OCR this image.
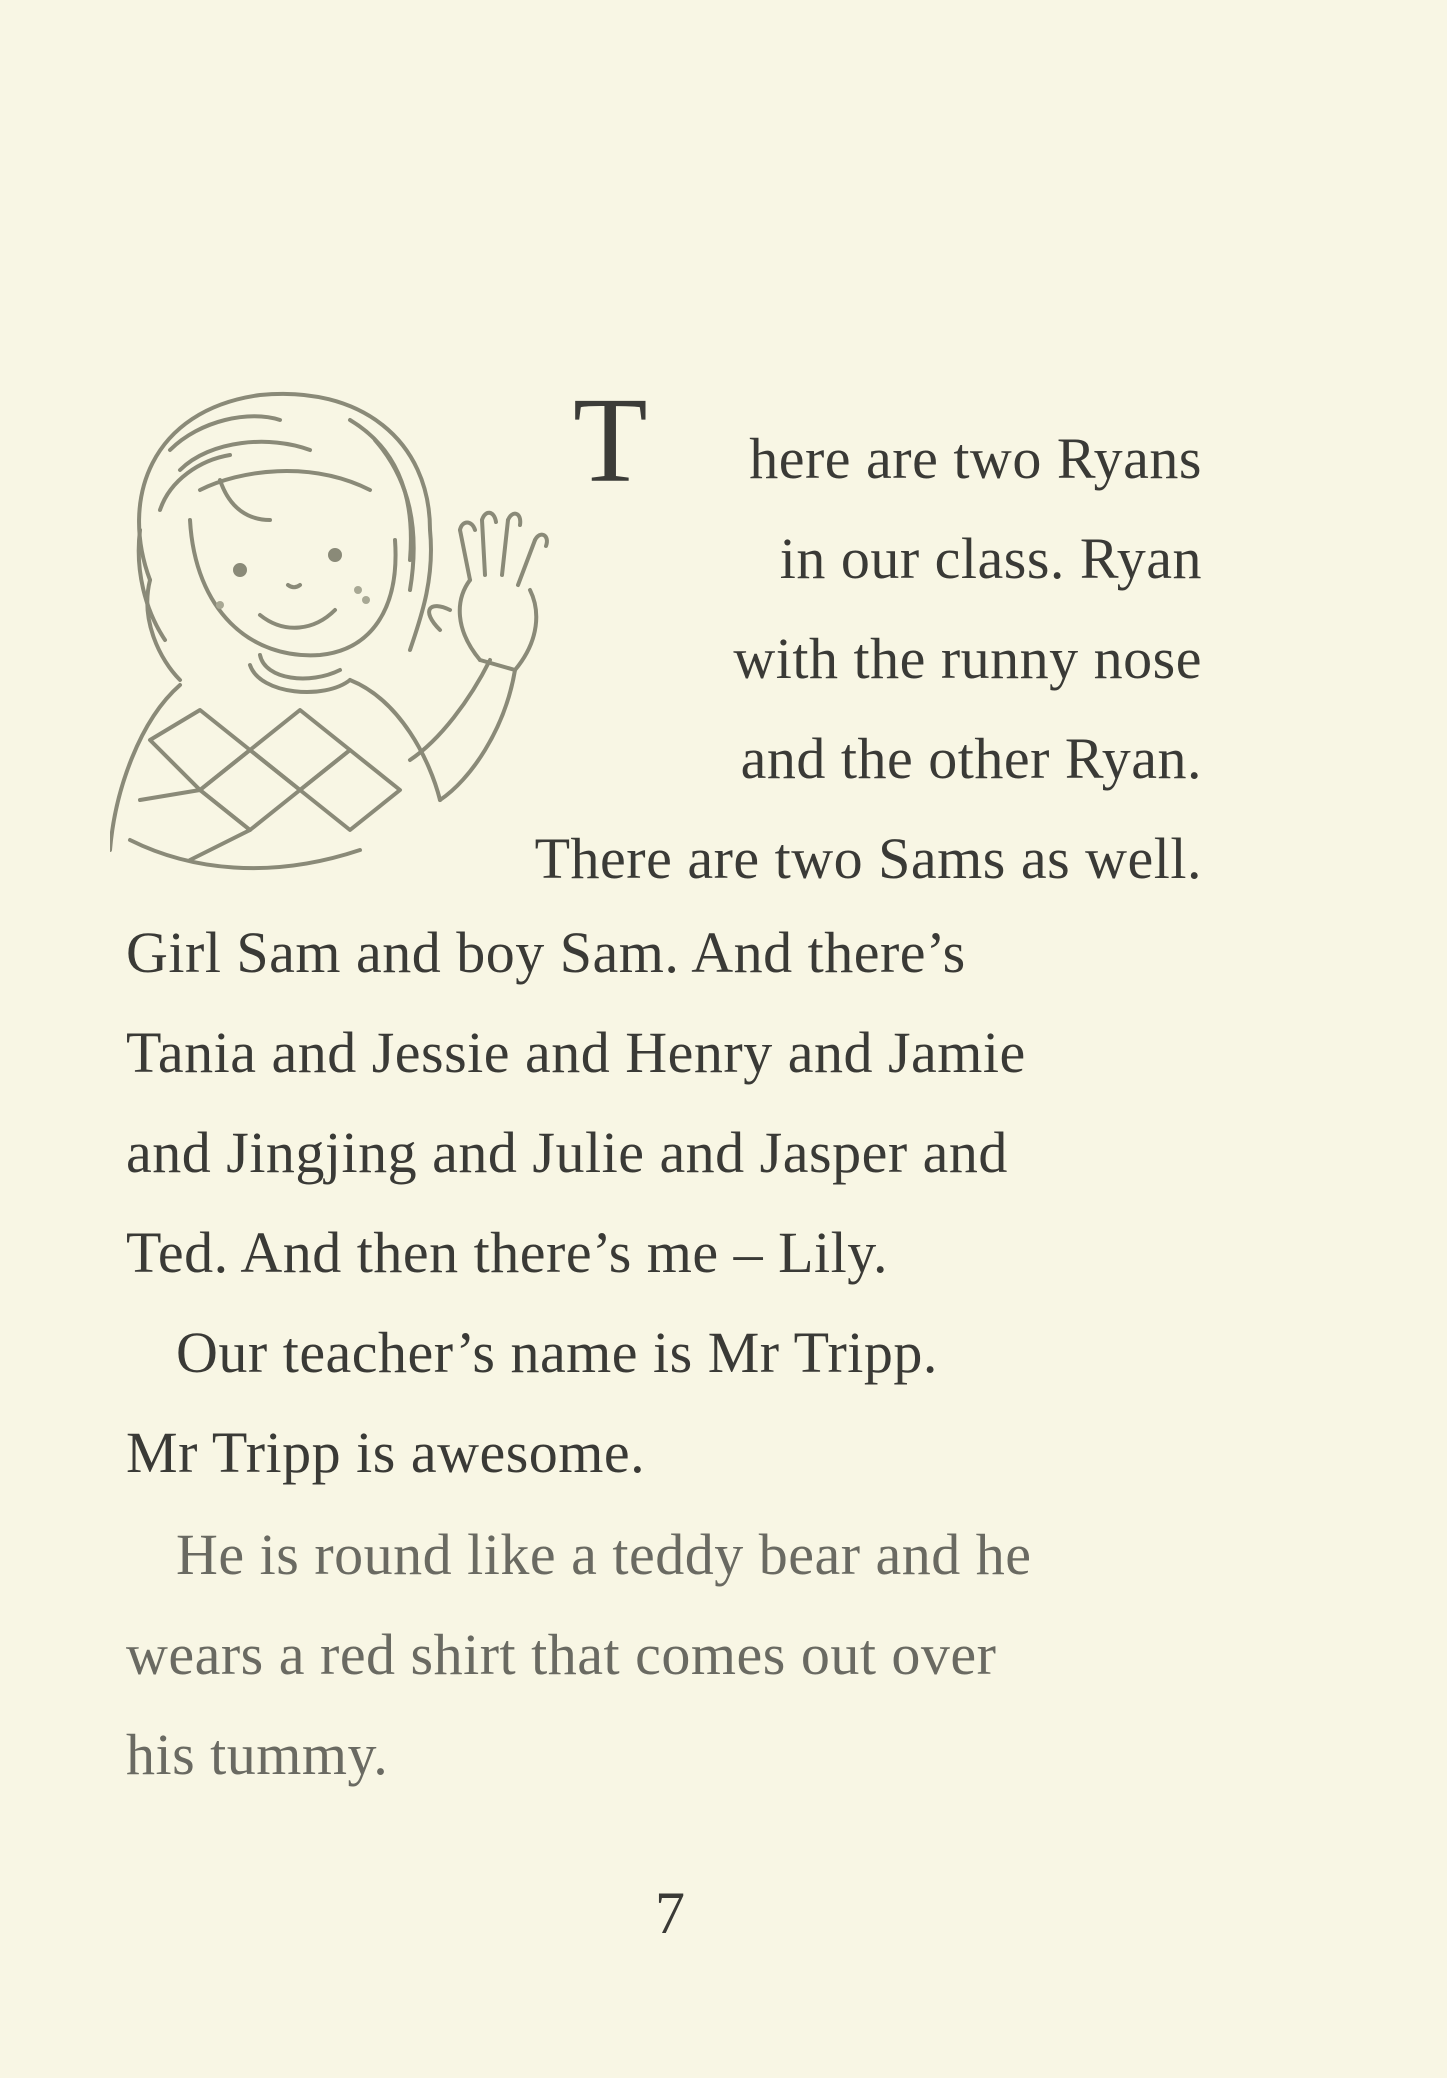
T here are two Ryans
in our class. Ryan
with the runny nose
and the other Ryan.
There are two Sams as well.
Girl Sam and boy Sam. And there’s
Tania and Jessie and Henry and Jamie
and Jingjing and Julie and Jasper and
Ted. And then there’s me – Lily.
Our teacher’s name is Mr Tripp.
Mr Tripp is awesome.
He is round like a teddy bear and he
wears a red shirt that comes out over
his tummy.
7
